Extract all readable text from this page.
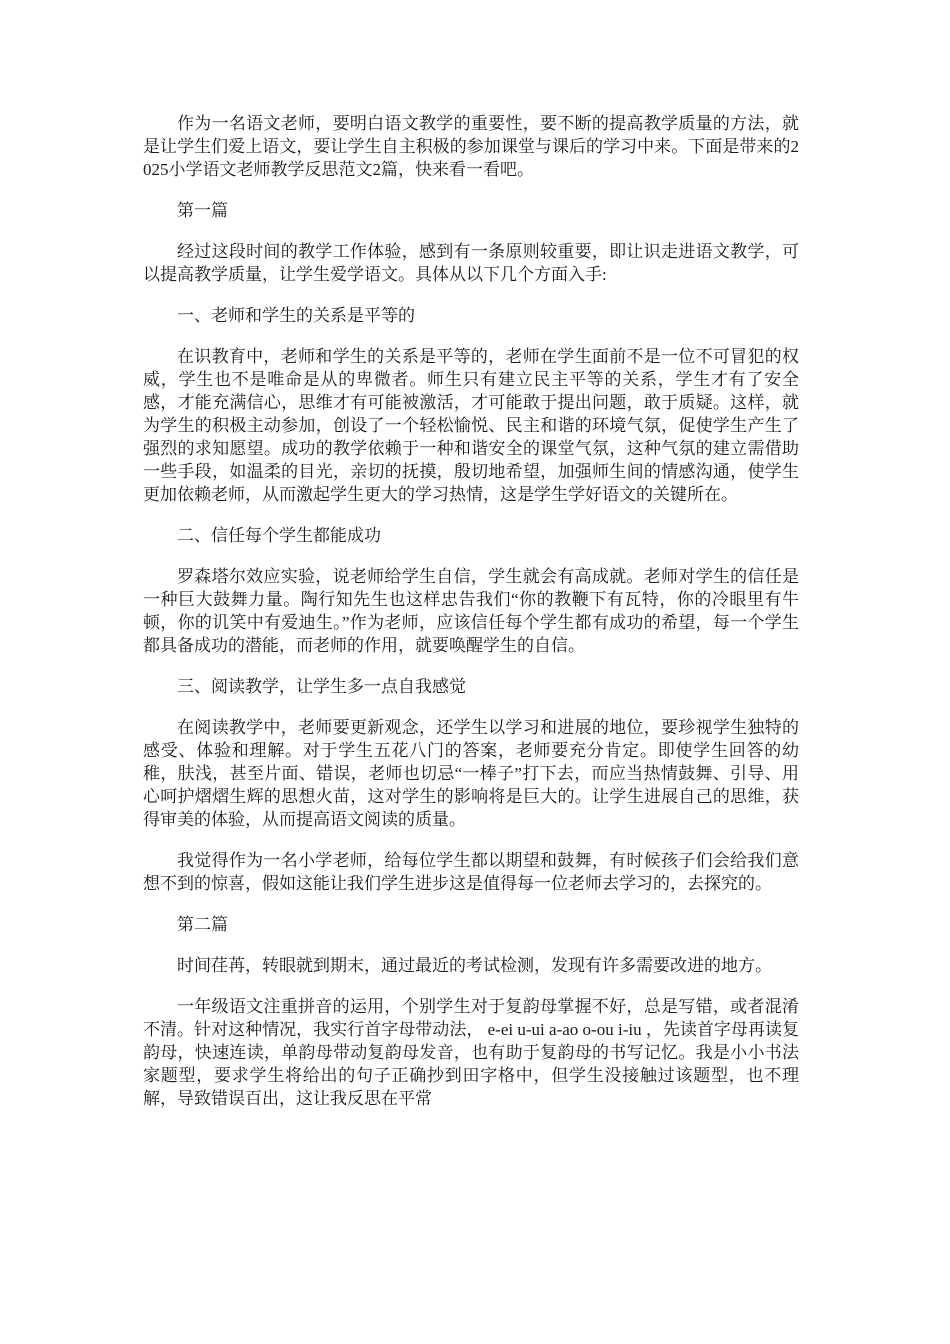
作为一名语文老师，要明白语文教学的重要性，要不断的提高教学质量的方法，就是让学生们爱上语文，要让学生自主积极的参加课堂与课后的学习中来。下面是带来的2025小学语文老师教学反思范文2篇，快来看一看吧。

第一篇

经过这段时间的教学工作体验，感到有一条原则较重要，即让识走进语文教学，可以提高教学质量，让学生爱学语文。具体从以下几个方面入手:

一、老师和学生的关系是平等的

在识教育中，老师和学生的关系是平等的，老师在学生面前不是一位不可冒犯的权威，学生也不是唯命是从的卑微者。师生只有建立民主平等的关系，学生才有了安全感，才能充满信心，思维才有可能被激活，才可能敢于提出问题，敢于质疑。这样，就为学生的积极主动参加，创设了一个轻松愉悦、民主和谐的环境气氛，促使学生产生了强烈的求知愿望。成功的教学依赖于一种和谐安全的课堂气氛，这种气氛的建立需借助一些手段，如温柔的目光，亲切的抚摸，殷切地希望，加强师生间的情感沟通，使学生更加依赖老师，从而激起学生更大的学习热情，这是学生学好语文的关键所在。

二、信任每个学生都能成功

罗森塔尔效应实验，说老师给学生自信，学生就会有高成就。老师对学生的信任是一种巨大鼓舞力量。陶行知先生也这样忠告我们“你的教鞭下有瓦特，你的冷眼里有牛顿，你的讥笑中有爱迪生。”作为老师，应该信任每个学生都有成功的希望，每一个学生都具备成功的潜能，而老师的作用，就要唤醒学生的自信。

三、阅读教学，让学生多一点自我感觉

在阅读教学中，老师要更新观念，还学生以学习和进展的地位，要珍视学生独特的感受、体验和理解。对于学生五花八门的答案，老师要充分肯定。即使学生回答的幼稚，肤浅，甚至片面、错误，老师也切忌“一棒子”打下去，而应当热情鼓舞、引导、用心呵护熠熠生辉的思想火苗，这对学生的影响将是巨大的。让学生进展自己的思维，获得审美的体验，从而提高语文阅读的质量。

我觉得作为一名小学老师，给每位学生都以期望和鼓舞，有时候孩子们会给我们意想不到的惊喜，假如这能让我们学生进步这是值得每一位老师去学习的，去探究的。

第二篇

时间荏苒，转眼就到期末，通过最近的考试检测，发现有许多需要改进的地方。

一年级语文注重拼音的运用，个别学生对于复韵母掌握不好，总是写错，或者混淆不清。针对这种情况，我实行首字母带动法， e-ei u-ui a-ao o-ou i-iu ，先读首字母再读复韵母，快速连读，单韵母带动复韵母发音，也有助于复韵母的书写记忆。我是小小书法家题型，要求学生将给出的句子正确抄到田字格中，但学生没接触过该题型，也不理解，导致错误百出，这让我反思在平常
